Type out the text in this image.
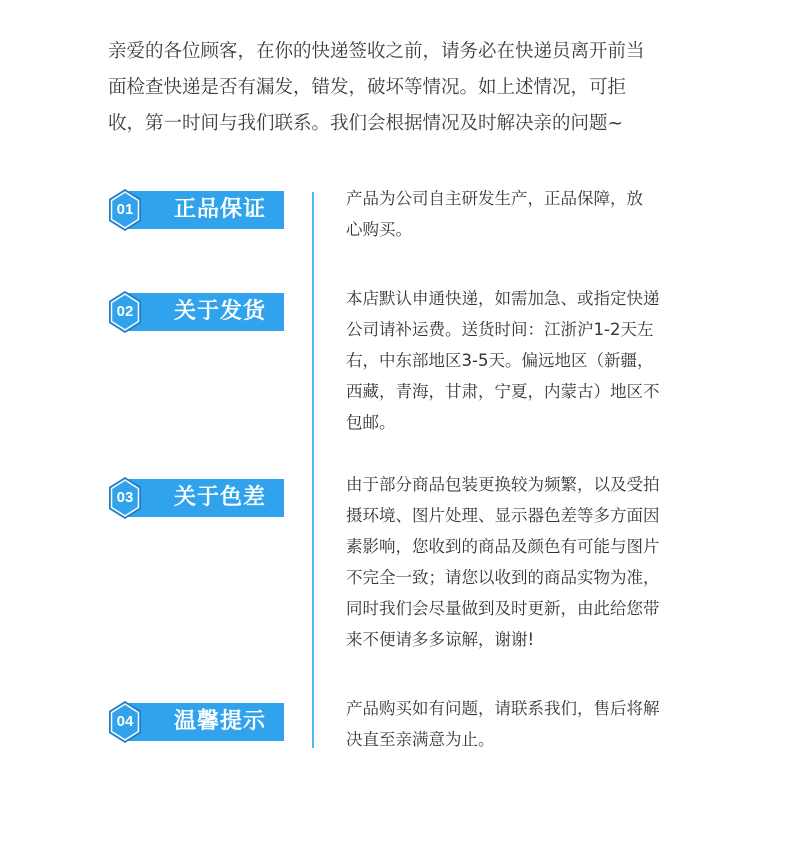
亲爱的各位顾客，在你的快递签收之前，请务必在快递员离开前当
面检查快递是否有漏发，错发，破坏等情况。如上述情况，可拒
收，第一时间与我们联系。我们会根据情况及时解决亲的问题~
正品保证
01
产品为公司自主研发生产，正品保障，放
心购买。
关于发货
02
本店默认申通快递，如需加急、或指定快递
公司请补运费。送货时间：江浙沪1-2天左
右，中东部地区3-5天。偏远地区（新疆，
西藏，青海，甘肃，宁夏，内蒙古）地区不
包邮。
关于色差
03
由于部分商品包装更换较为频繁，以及受拍
摄环境、图片处理、显示器色差等多方面因
素影响，您收到的商品及颜色有可能与图片
不完全一致；请您以收到的商品实物为准，
同时我们会尽量做到及时更新，由此给您带
来不便请多多谅解，谢谢!
温馨提示
04
产品购买如有问题，请联系我们，售后将解
决直至亲满意为止。
